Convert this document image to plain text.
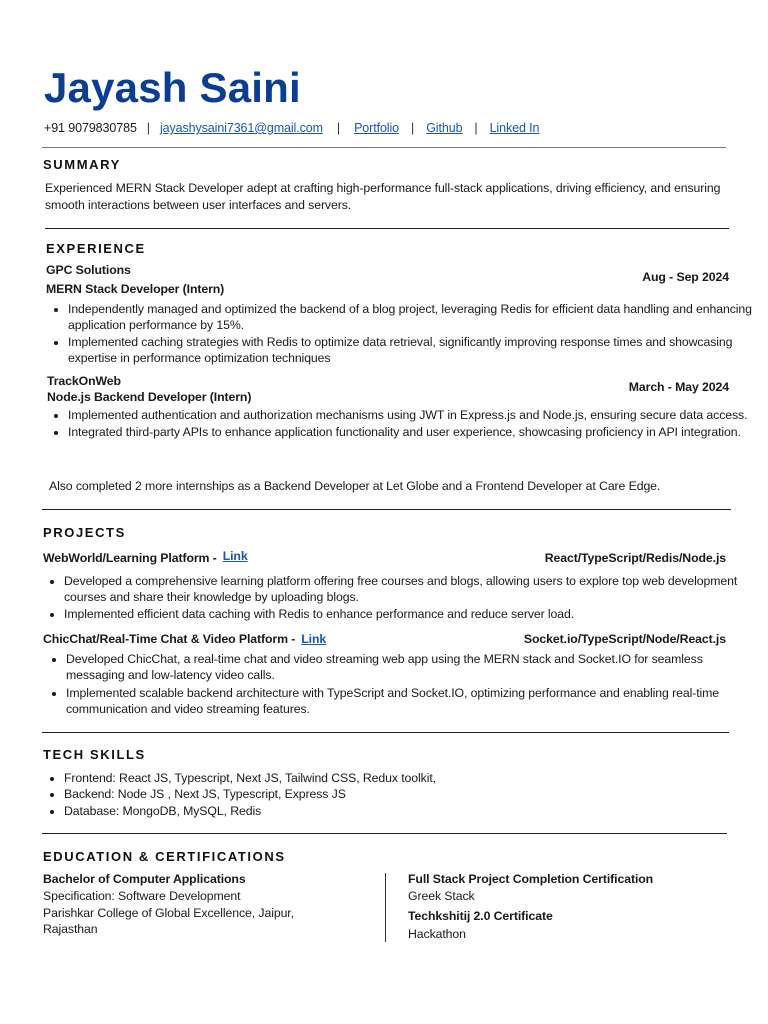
Jayash Saini
+91 9079830785 | jayashysaini7361@gmail.com | Portfolio | Github | Linked In
SUMMARY
Experienced MERN Stack Developer adept at crafting high-performance full-stack applications, driving efficiency, and ensuring smooth interactions between user interfaces and servers.
EXPERIENCE
GPC Solutions
MERN Stack Developer (Intern)
Aug - Sep 2024
• Independently managed and optimized the backend of a blog project, leveraging Redis for efficient data handling and enhancing application performance by 15%.
• Implemented caching strategies with Redis to optimize data retrieval, significantly improving response times and showcasing expertise in performance optimization techniques
TrackOnWeb
Node.js Backend Developer (Intern)
March - May 2024
• Implemented authentication and authorization mechanisms using JWT in Express.js and Node.js, ensuring secure data access.
• Integrated third-party APIs to enhance application functionality and user experience, showcasing proficiency in API integration.
Also completed 2 more internships as a Backend Developer at Let Globe and a Frontend Developer at Care Edge.
PROJECTS
WebWorld/Learning Platform - Link	React/TypeScript/Redis/Node.js
• Developed a comprehensive learning platform offering free courses and blogs, allowing users to explore top web development courses and share their knowledge by uploading blogs.
• Implemented efficient data caching with Redis to enhance performance and reduce server load.
ChicChat/Real-Time Chat & Video Platform - Link	Socket.io/TypeScript/Node/React.js
• Developed ChicChat, a real-time chat and video streaming web app using the MERN stack and Socket.IO for seamless messaging and low-latency video calls.
• Implemented scalable backend architecture with TypeScript and Socket.IO, optimizing performance and enabling real-time communication and video streaming features.
TECH SKILLS
• Frontend: React JS, Typescript, Next JS, Tailwind CSS, Redux toolkit,
• Backend: Node JS , Next JS, Typescript, Express JS
• Database: MongoDB, MySQL, Redis
EDUCATION & CERTIFICATIONS
Bachelor of Computer Applications
Specification: Software Development
Parishkar College of Global Excellence, Jaipur,
Rajasthan
Full Stack Project Completion Certification
Greek Stack
Techkshitij 2.0 Certificate
Hackathon
